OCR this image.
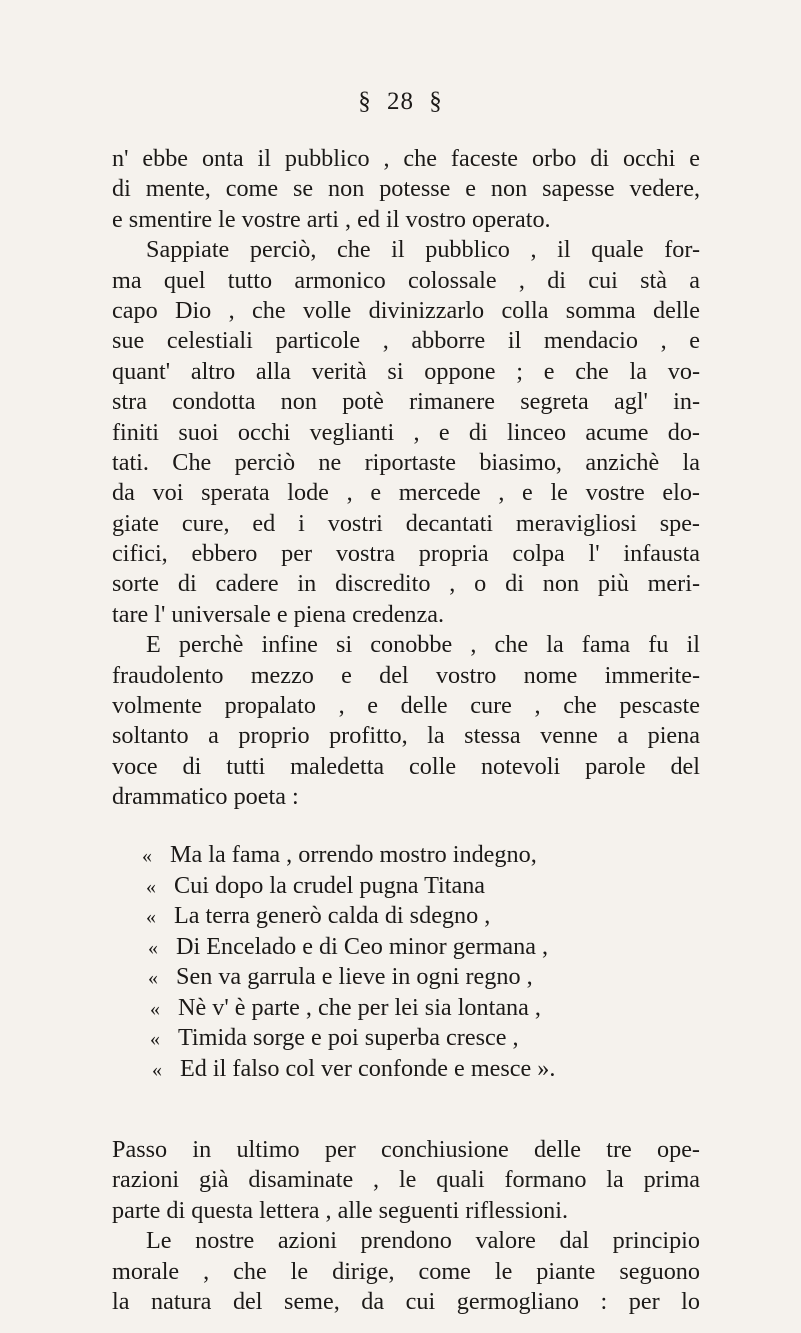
§ 28 §
n' ebbe onta il pubblico , che faceste orbo di occhi e
di mente, come se non potesse e non sapesse vedere,
e smentire le vostre arti , ed il vostro operato.
Sappiate perciò, che il pubblico , il quale for-
ma quel tutto armonico colossale , di cui stà a
capo Dio , che volle divinizzarlo colla somma delle
sue celestiali particole , abborre il mendacio , e
quant' altro alla verità si oppone ; e che la vo-
stra condotta non potè rimanere segreta agl' in-
finiti suoi occhi veglianti , e di linceo acume do-
tati. Che perciò ne riportaste biasimo, anzichè la
da voi sperata lode , e mercede , e le vostre elo-
giate cure, ed i vostri decantati meravigliosi spe-
cifici, ebbero per vostra propria colpa l' infausta
sorte di cadere in discredito , o di non più meri-
tare l' universale e piena credenza.
E perchè infine si conobbe , che la fama fu il
fraudolento mezzo e del vostro nome immerite-
volmente propalato , e delle cure , che pescaste
soltanto a proprio profitto, la stessa venne a piena
voce di tutti maledetta colle notevoli parole del
drammatico poeta :
« Ma la fama , orrendo mostro indegno,
« Cui dopo la crudel pugna Titana
« La terra generò calda di sdegno ,
« Di Encelado e di Ceo minor germana ,
« Sen va garrula e lieve in ogni regno ,
« Nè v' è parte , che per lei sia lontana ,
« Timida sorge e poi superba cresce ,
« Ed il falso col ver confonde e mesce ».
Passo in ultimo per conchiusione delle tre ope-
razioni già disaminate , le quali formano la prima
parte di questa lettera , alle seguenti riflessioni.
Le nostre azioni prendono valore dal principio
morale , che le dirige, come le piante seguono
la natura del seme, da cui germogliano : per lo
